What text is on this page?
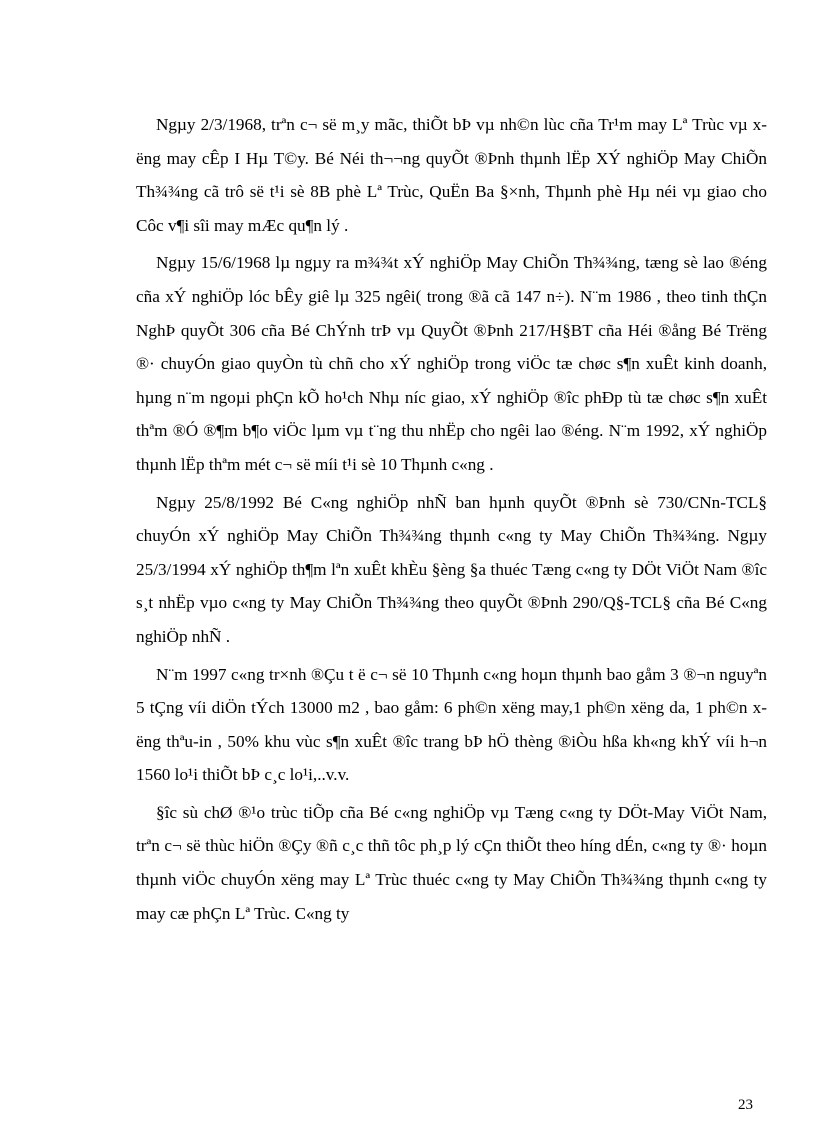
Ngµy 2/3/1968, trªn c¬ së m¸y mãc, thiÕt bÞ vµ nh©n lùc cña Tr¹m may Lª Trùc vµ xëng may cÊp I Hµ T©y. Bé Néi th¬¬ng quyÕt ®Þnh thµnh lËp XÝ nghiÖp May ChiÕn Th¾¾ng cã trô së t¹i sè 8B phè Lª Trùc, QuËn Ba §×nh, Thµnh phè Hµ néi vµ giao cho Côc v¶i sîi may mÆc qu¶n lý .

Ngµy 15/6/1968 lµ ngµy ra m¾¾t xÝ nghiÖp May ChiÕn Th¾¾ng, tæng sè lao ®éng cña xÝ nghiÖp lóc bÊy giê lµ 325 ngêi( trong ®ã cã 147 n÷). N¨m 1986 , theo tinh thÇn NghÞ quyÕt 306 cña Bé ChÝnh trÞ vµ QuyÕt ®Þnh 217/H§BT cña Héi ®ång Bé Trëng ®· chuyÓn giao quyÒn tù chñ cho xÝ nghiÖp trong viÖc tæ chøc s¶n xuÊt kinh doanh, hµng n¨m ngoµi phÇn kÕ ho¹ch Nhµ níc giao, xÝ nghiÖp ®îc phÐp tù tæ chøc s¶n xuÊt thªm ®Ó ®¶m b¶o viÖc lµm vµ t¨ng thu nhËp cho ngêi lao ®éng. N¨m 1992, xÝ nghiÖp thµnh lËp thªm mét c¬ së míi t¹i sè 10 Thµnh c«ng .

Ngµy 25/8/1992 Bé C«ng nghiÖp nhÑ ban hµnh quyÕt ®Þnh sè 730/CNn-TCL§ chuyÓn xÝ nghiÖp May ChiÕn Th¾¾ng thµnh c«ng ty May ChiÕn Th¾¾ng. Ngµy 25/3/1994 xÝ nghiÖp th¶m lªn xuÊt khÈu §èng §a thuéc Tæng c«ng ty DÖt ViÖt Nam ®îc s¸t nhËp vµo c«ng ty May ChiÕn Th¾¾ng theo quyÕt ®Þnh 290/Q§-TCL§ cña Bé C«ng nghiÖp nhÑ .

N¨m 1997 c«ng tr×nh ®Çu t ë c¬ së 10 Thµnh c«ng hoµn thµnh bao gåm 3 ®¬n nguyªn 5 tÇng víi diÖn tÝch 13000 m2 , bao gåm: 6 ph©n xëng may,1 ph©n xëng da, 1 ph©n xëng thªu-in , 50% khu vùc s¶n xuÊt ®îc trang bÞ hÖ thèng ®iÒu hßa kh«ng khÝ víi h¬n 1560 lo¹i thiÕt bÞ c¸c lo¹i,..v.v.

§îc sù chØ ®¹o trùc tiÕp cña Bé c«ng nghiÖp vµ Tæng c«ng ty DÖt-May ViÖt Nam, trªn c¬ së thùc hiÖn ®Çy ®ñ c¸c thñ tôc ph¸p lý cÇn thiÕt theo híng dÉn, c«ng ty ®· hoµn thµnh viÖc chuyÓn xëng may Lª Trùc thuéc c«ng ty May ChiÕn Th¾¾ng thµnh c«ng ty may cæ phÇn Lª Trùc. C«ng ty

23
